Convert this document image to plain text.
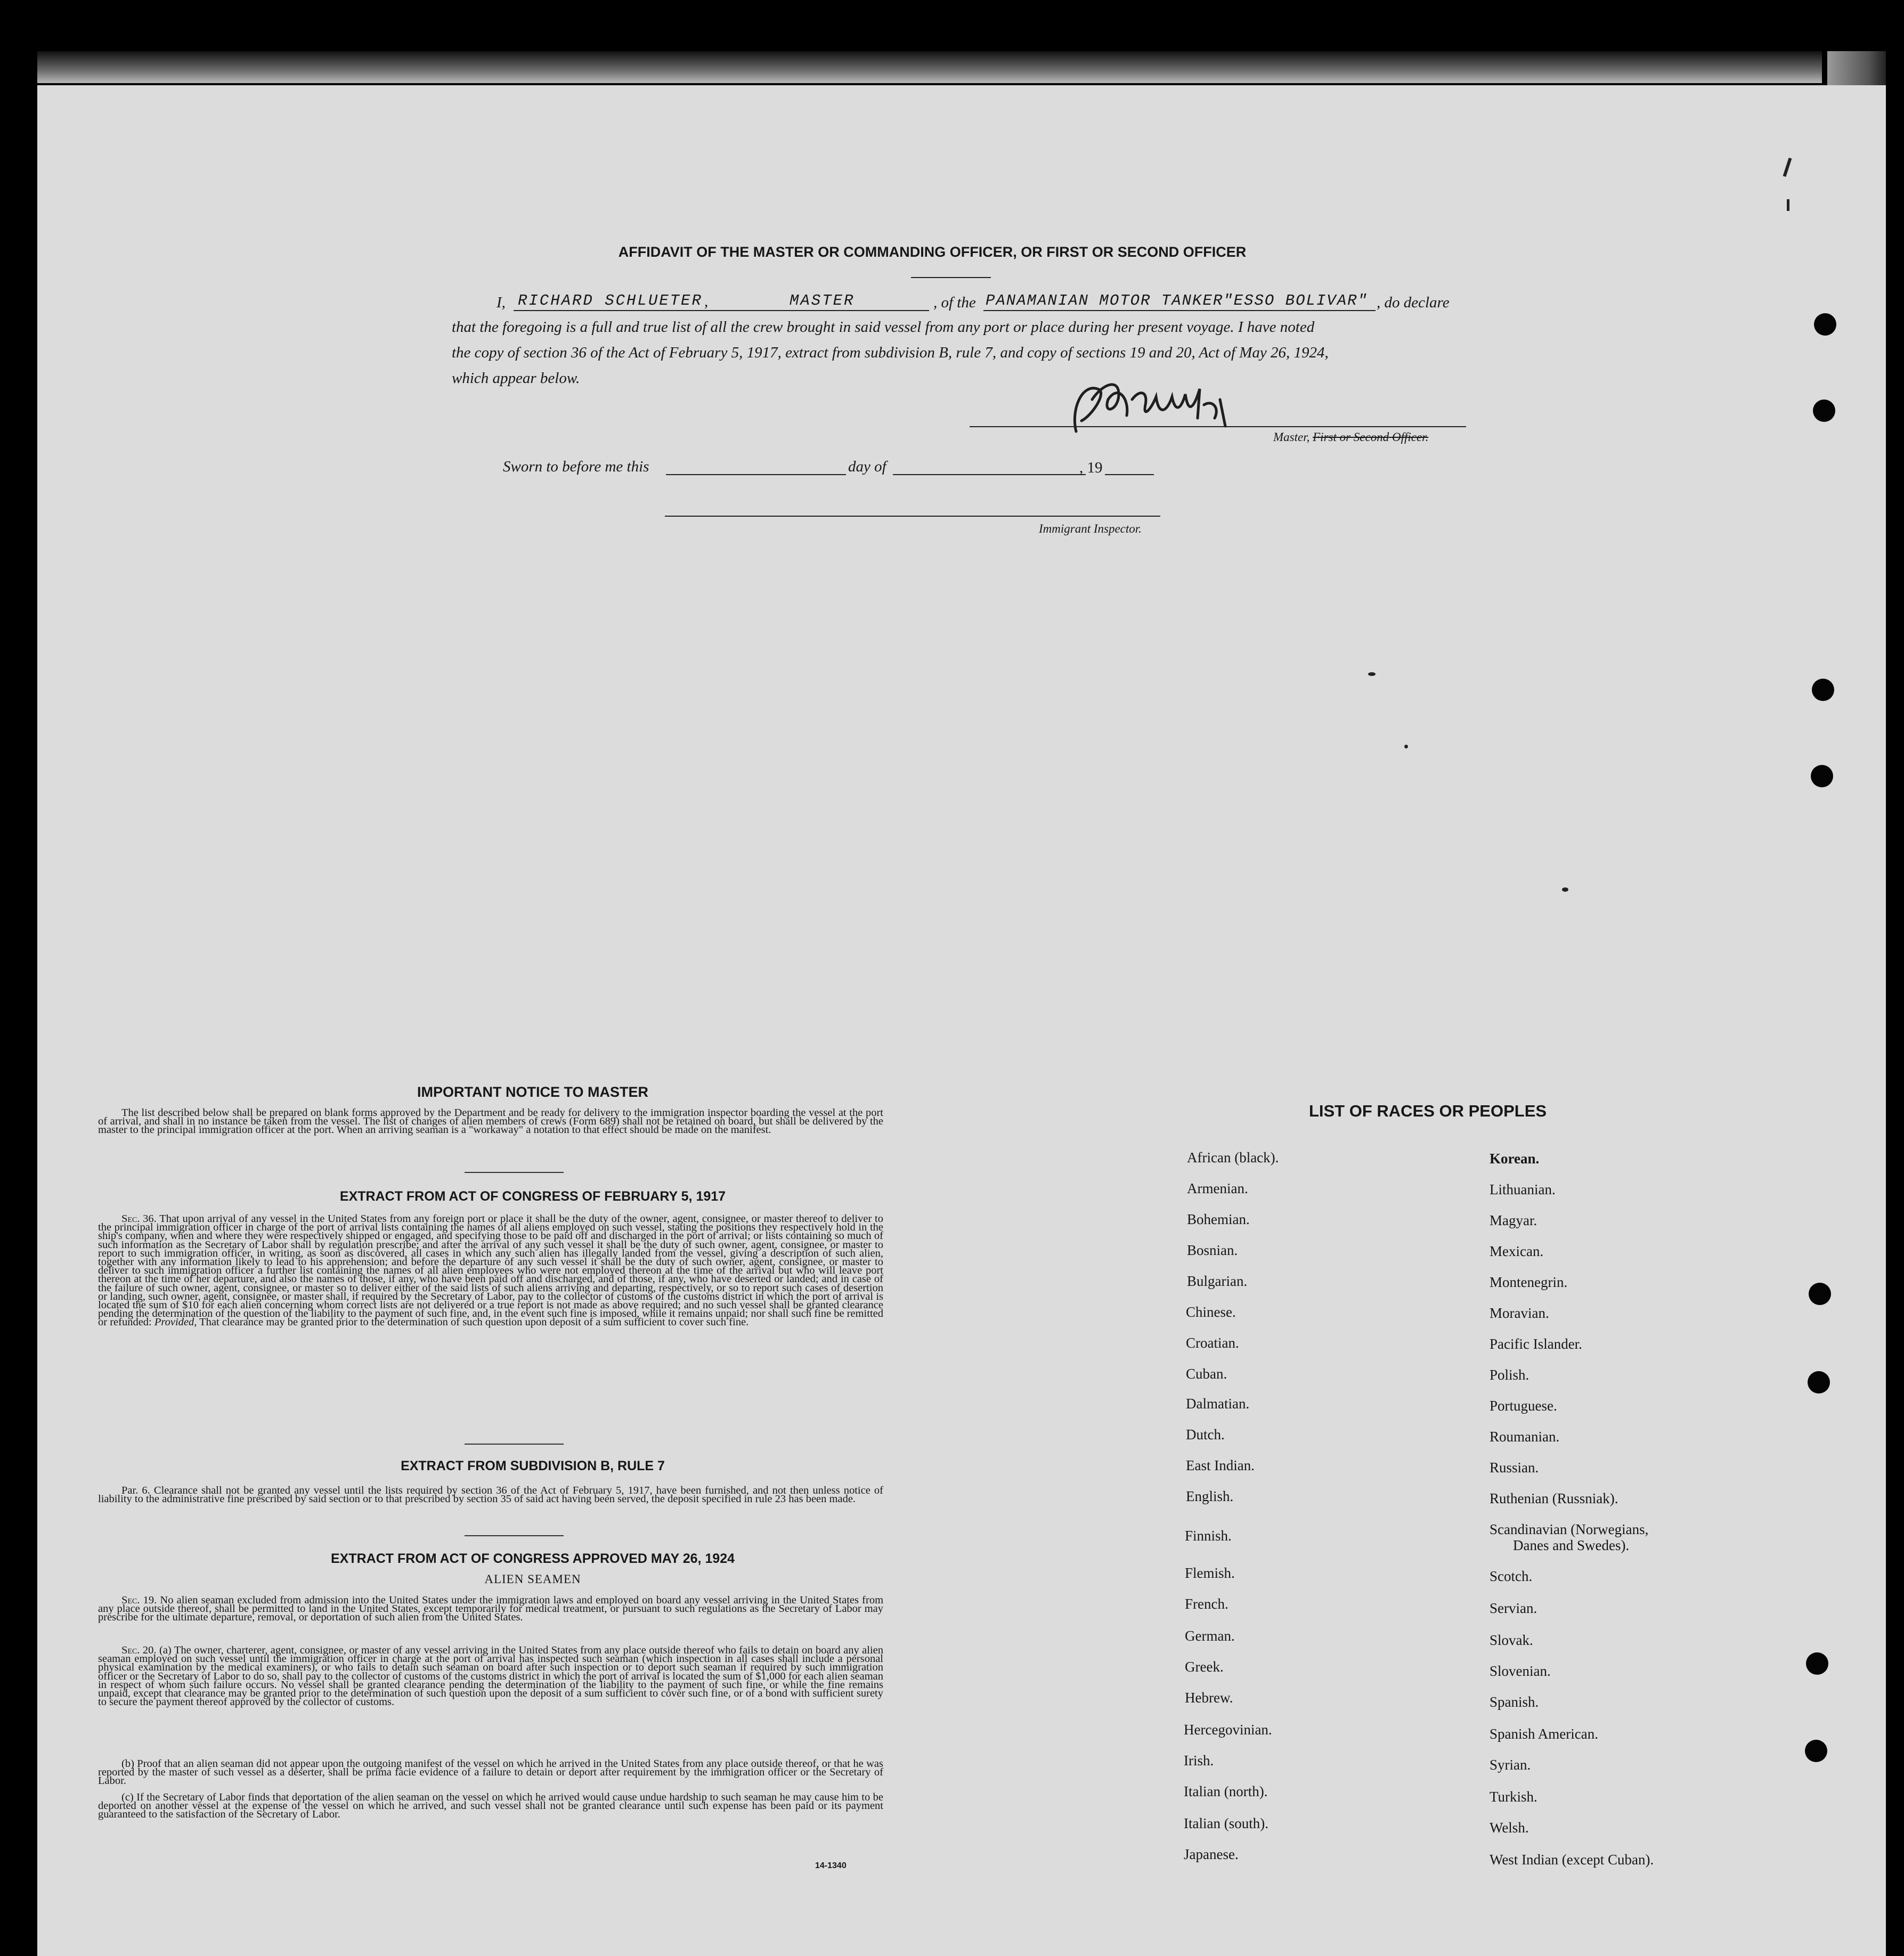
AFFIDAVIT OF THE MASTER OR COMMANDING OFFICER, OR FIRST OR SECOND OFFICER
I, RICHARD SCHLUETER ,	MASTER	, of the PANAMANIAN MOTOR TANKER"ESSO BOLIVAR" , do declare
that the foregoing is a full and true list of all the crew brought in said vessel from any port or place during her present voyage. I have noted
the copy of section 36 of the Act of February 5, 1917, extract from subdivision B, rule 7, and copy of sections 19 and 20, Act of May 26, 1924,
which appear below.
Master, First or Second Officer.
Sworn to before me this	day of	, 19
Immigrant Inspector.
IMPORTANT NOTICE TO MASTER

The list described below shall be prepared on blank forms approved by the Department and be ready for delivery to the immigration inspector boarding the vessel at the port of arrival, and shall in no instance be taken from the vessel. The list of changes of alien members of crews (Form 689) shall not be retained on board, but shall be delivered by the master to the principal immigration officer at the port. When an arriving seaman is a "workaway" a notation to that effect should be made on the manifest.

EXTRACT FROM ACT OF CONGRESS OF FEBRUARY 5, 1917

Sec. 36. That upon arrival of any vessel in the United States from any foreign port or place it shall be the duty of the owner, agent, consignee, or master thereof to deliver to the principal immigration officer in charge of the port of arrival lists containing the names of all aliens employed on such vessel, stating the positions they respectively hold in the ship's company, when and where they were respectively shipped or engaged, and specifying those to be paid off and discharged in the port of arrival; or lists containing so much of such information as the Secretary of Labor shall by regulation prescribe; and after the arrival of any such vessel it shall be the duty of such owner, agent, consignee, or master to report to such immigration officer, in writing, as soon as discovered, all cases in which any such alien has illegally landed from the vessel, giving a description of such alien, together with any information likely to lead to his apprehension; and before the departure of any such vessel it shall be the duty of such owner, agent, consignee, or master to deliver to such immigration officer a further list containing the names of all alien employees who were not employed thereon at the time of the arrival but who will leave port thereon at the time of her departure, and also the names of those, if any, who have been paid off and discharged, and of those, if any, who have deserted or landed; and in case of the failure of such owner, agent, consignee, or master so to deliver either of the said lists of such aliens arriving and departing, respectively, or so to report such cases of desertion or landing, such owner, agent, consignee, or master shall, if required by the Secretary of Labor, pay to the collector of customs of the customs district in which the port of arrival is located the sum of $10 for each alien concerning whom correct lists are not delivered or a true report is not made as above required; and no such vessel shall be granted clearance pending the determination of the question of the liability to the payment of such fine, and, in the event such fine is imposed, while it remains unpaid; nor shall such fine be remitted or refunded: Provided, That clearance may be granted prior to the determination of such question upon deposit of a sum sufficient to cover such fine.

EXTRACT FROM SUBDIVISION B, RULE 7

Par. 6. Clearance shall not be granted any vessel until the lists required by section 36 of the Act of February 5, 1917, have been furnished, and not then unless notice of liability to the administrative fine prescribed by said section or to that prescribed by section 35 of said act having been served, the deposit specified in rule 23 has been made.

EXTRACT FROM ACT OF CONGRESS APPROVED MAY 26, 1924
ALIEN SEAMEN

Sec. 19. No alien seaman excluded from admission into the United States under the immigration laws and employed on board any vessel arriving in the United States from any place outside thereof, shall be permitted to land in the United States, except temporarily for medical treatment, or pursuant to such regulations as the Secretary of Labor may prescribe for the ultimate departure, removal, or deportation of such alien from the United States.

Sec. 20. (a) The owner, charterer, agent, consignee, or master of any vessel arriving in the United States from any place outside thereof who fails to detain on board any alien seaman employed on such vessel until the immigration officer in charge at the port of arrival has inspected such seaman (which inspection in all cases shall include a personal physical examination by the medical examiners), or who fails to detain such seaman on board after such inspection or to deport such seaman if required by such immigration officer or the Secretary of Labor to do so, shall pay to the collector of customs of the customs district in which the port of arrival is located the sum of $1,000 for each alien seaman in respect of whom such failure occurs. No vessel shall be granted clearance pending the determination of the liability to the payment of such fine, or while the fine remains unpaid, except that clearance may be granted prior to the determination of such question upon the deposit of a sum sufficient to cover such fine, or of a bond with sufficient surety to secure the payment thereof approved by the collector of customs.

(b) Proof that an alien seaman did not appear upon the outgoing manifest of the vessel on which he arrived in the United States from any place outside thereof, or that he was reported by the master of such vessel as a deserter, shall be prima facie evidence of a failure to detain or deport after requirement by the immigration officer or the Secretary of Labor.

(c) If the Secretary of Labor finds that deportation of the alien seaman on the vessel on which he arrived would cause undue hardship to such seaman he may cause him to be deported on another vessel at the expense of the vessel on which he arrived, and such vessel shall not be granted clearance until such expense has been paid or its payment guaranteed to the satisfaction of the Secretary of Labor.

14-1340
LIST OF RACES OR PEOPLES
African (black).
Armenian.
Bohemian.
Bosnian.
Bulgarian.
Chinese.
Croatian.
Cuban.
Dalmatian.
Dutch.
East Indian.
English.
Finnish.
Flemish.
French.
German.
Greek.
Hebrew.
Hercegovinian.
Irish.
Italian (north).
Italian (south).
Japanese.
Korean.
Lithuanian.
Magyar.
Mexican.
Montenegrin.
Moravian.
Pacific Islander.
Polish.
Portuguese.
Roumanian.
Russian.
Ruthenian (Russniak).
Scandinavian (Norwegians,
Danes and Swedes).
Scotch.
Servian.
Slovak.
Slovenian.
Spanish.
Spanish American.
Syrian.
Turkish.
Welsh.
West Indian (except Cuban).
